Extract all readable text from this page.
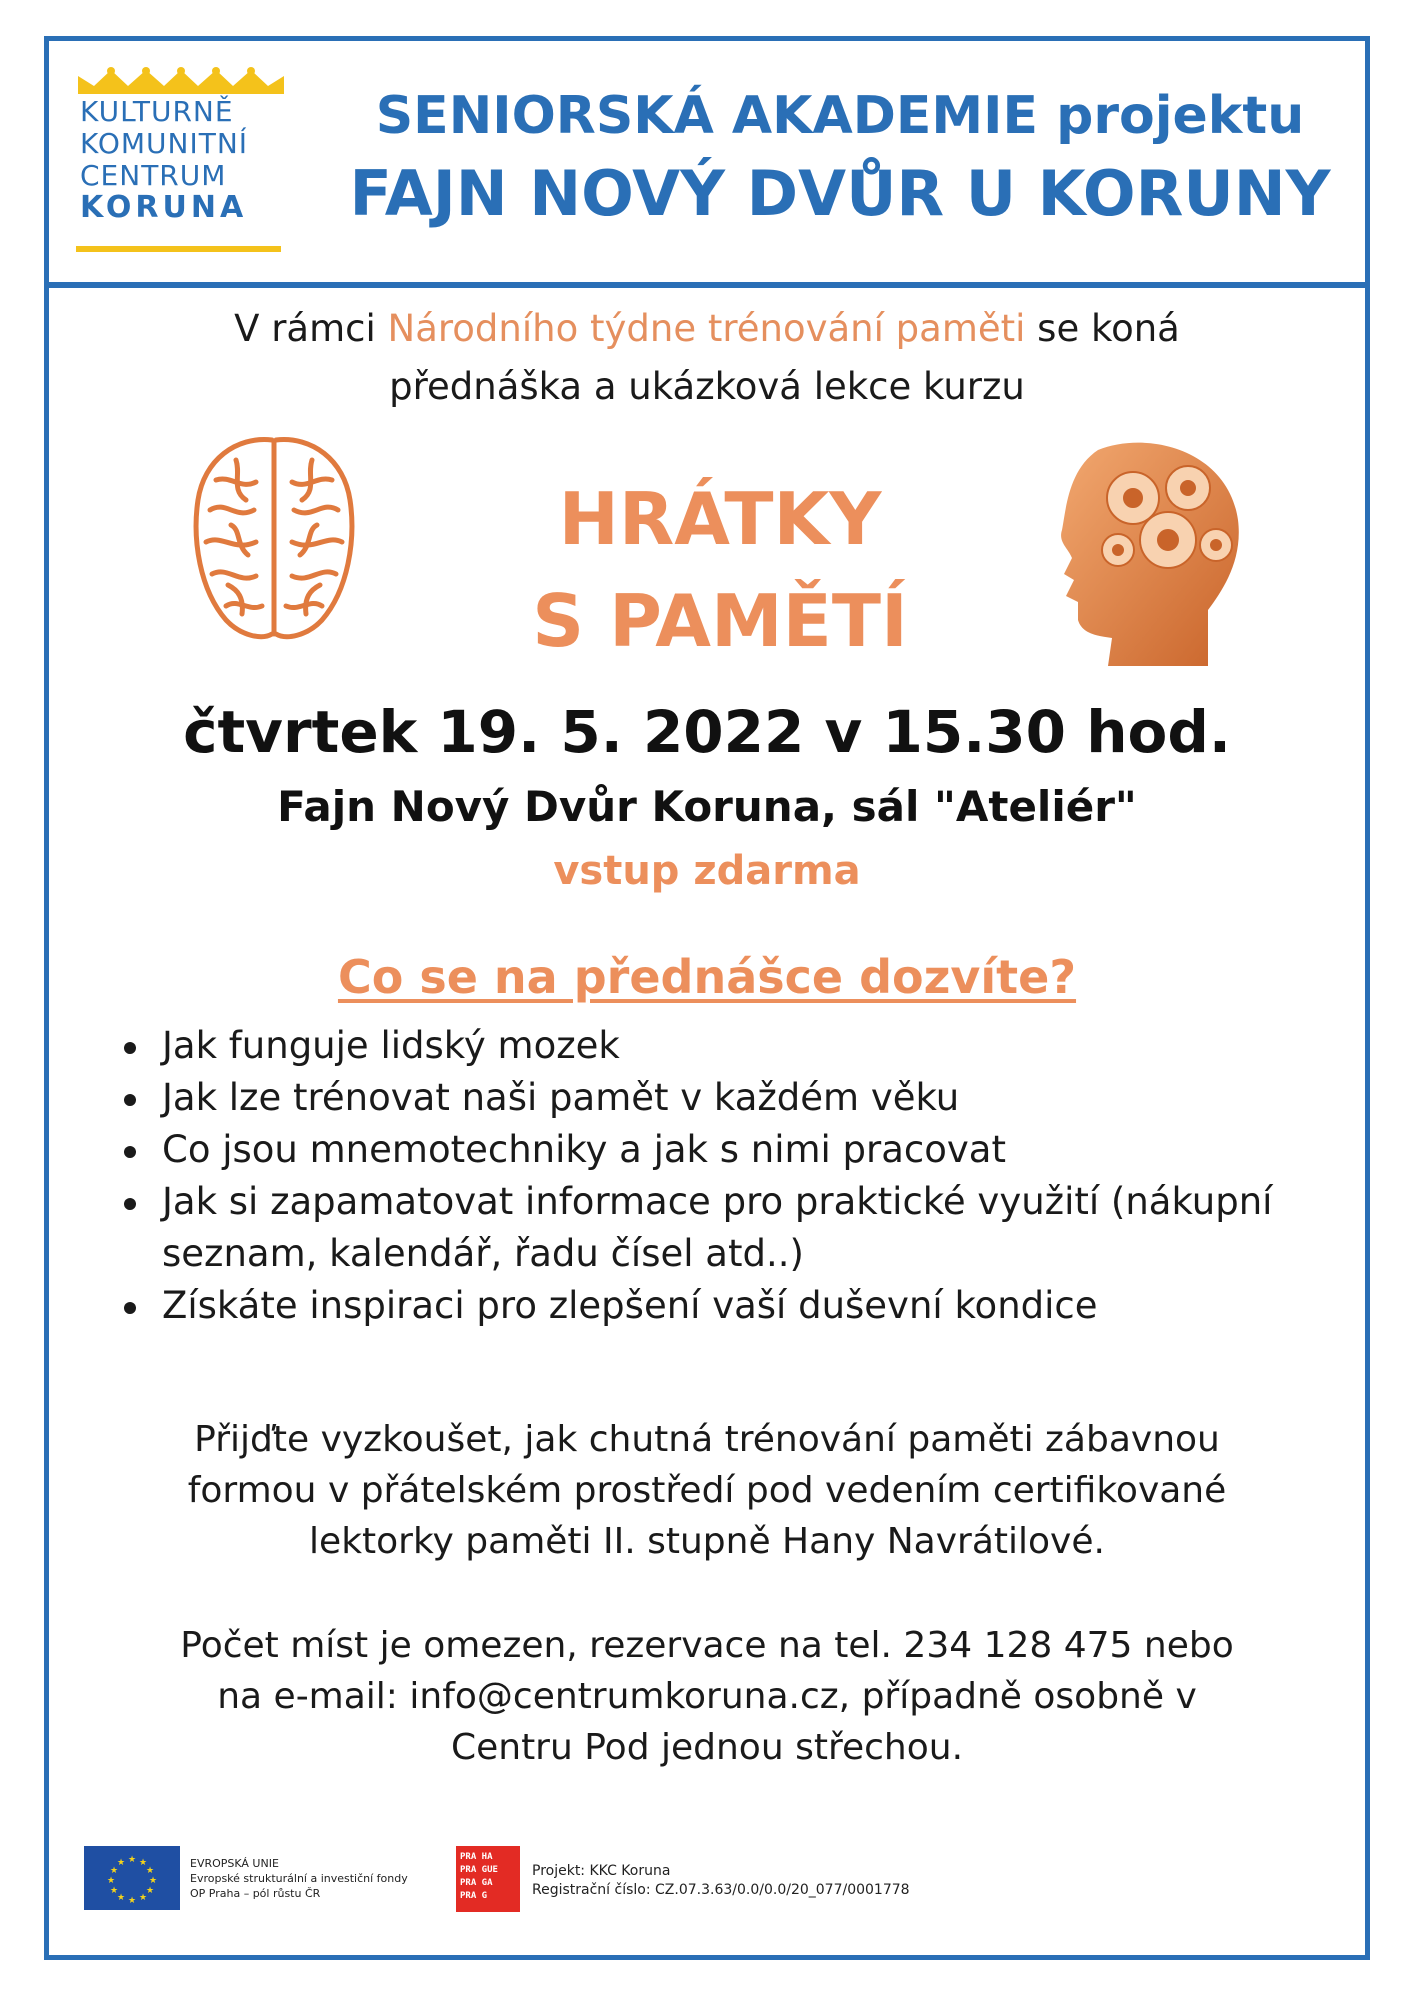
KULTURNĚ
KOMUNITNÍ
CENTRUM
KORUNA
SENIORSKÁ AKADEMIE projektu
FAJN NOVÝ DVŮR U KORUNY
V rámci Národního týdne trénování paměti se koná
přednáška a ukázková lekce kurzu
HRÁTKY
S PAMĚTÍ
čtvrtek 19. 5. 2022 v 15.30 hod.
Fajn Nový Dvůr Koruna, sál "Ateliér"
vstup zdarma
Co se na přednášce dozvíte?
Jak funguje lidský mozek
Jak lze trénovat naši pamět v každém věku
Co jsou mnemotechniky a jak s nimi pracovat
Jak si zapamatovat informace pro praktické využití (nákupní seznam, kalendář, řadu čísel atd..)
Získáte inspiraci pro zlepšení vaší duševní kondice
Přijďte vyzkoušet, jak chutná trénování paměti zábavnou
formou v přátelském prostředí pod vedením certifikované
lektorky paměti II. stupně Hany Navrátilové.
Počet míst je omezen, rezervace na tel. 234 128 475 nebo
na e-mail: info@centrumkoruna.cz, případně osobně v
Centru Pod jednou střechou.
★ ★
★
★
★
★
★
★
★
★
★
★	EVROPSKÁ UNIE
Evropské strukturální a investiční fondy
OP Praha – pól růstu ČR
PRA HA
PRA GUE
PRA GA
PRA G
Projekt: KKC Koruna
Registrační číslo: CZ.07.3.63/0.0/0.0/20_077/0001778
